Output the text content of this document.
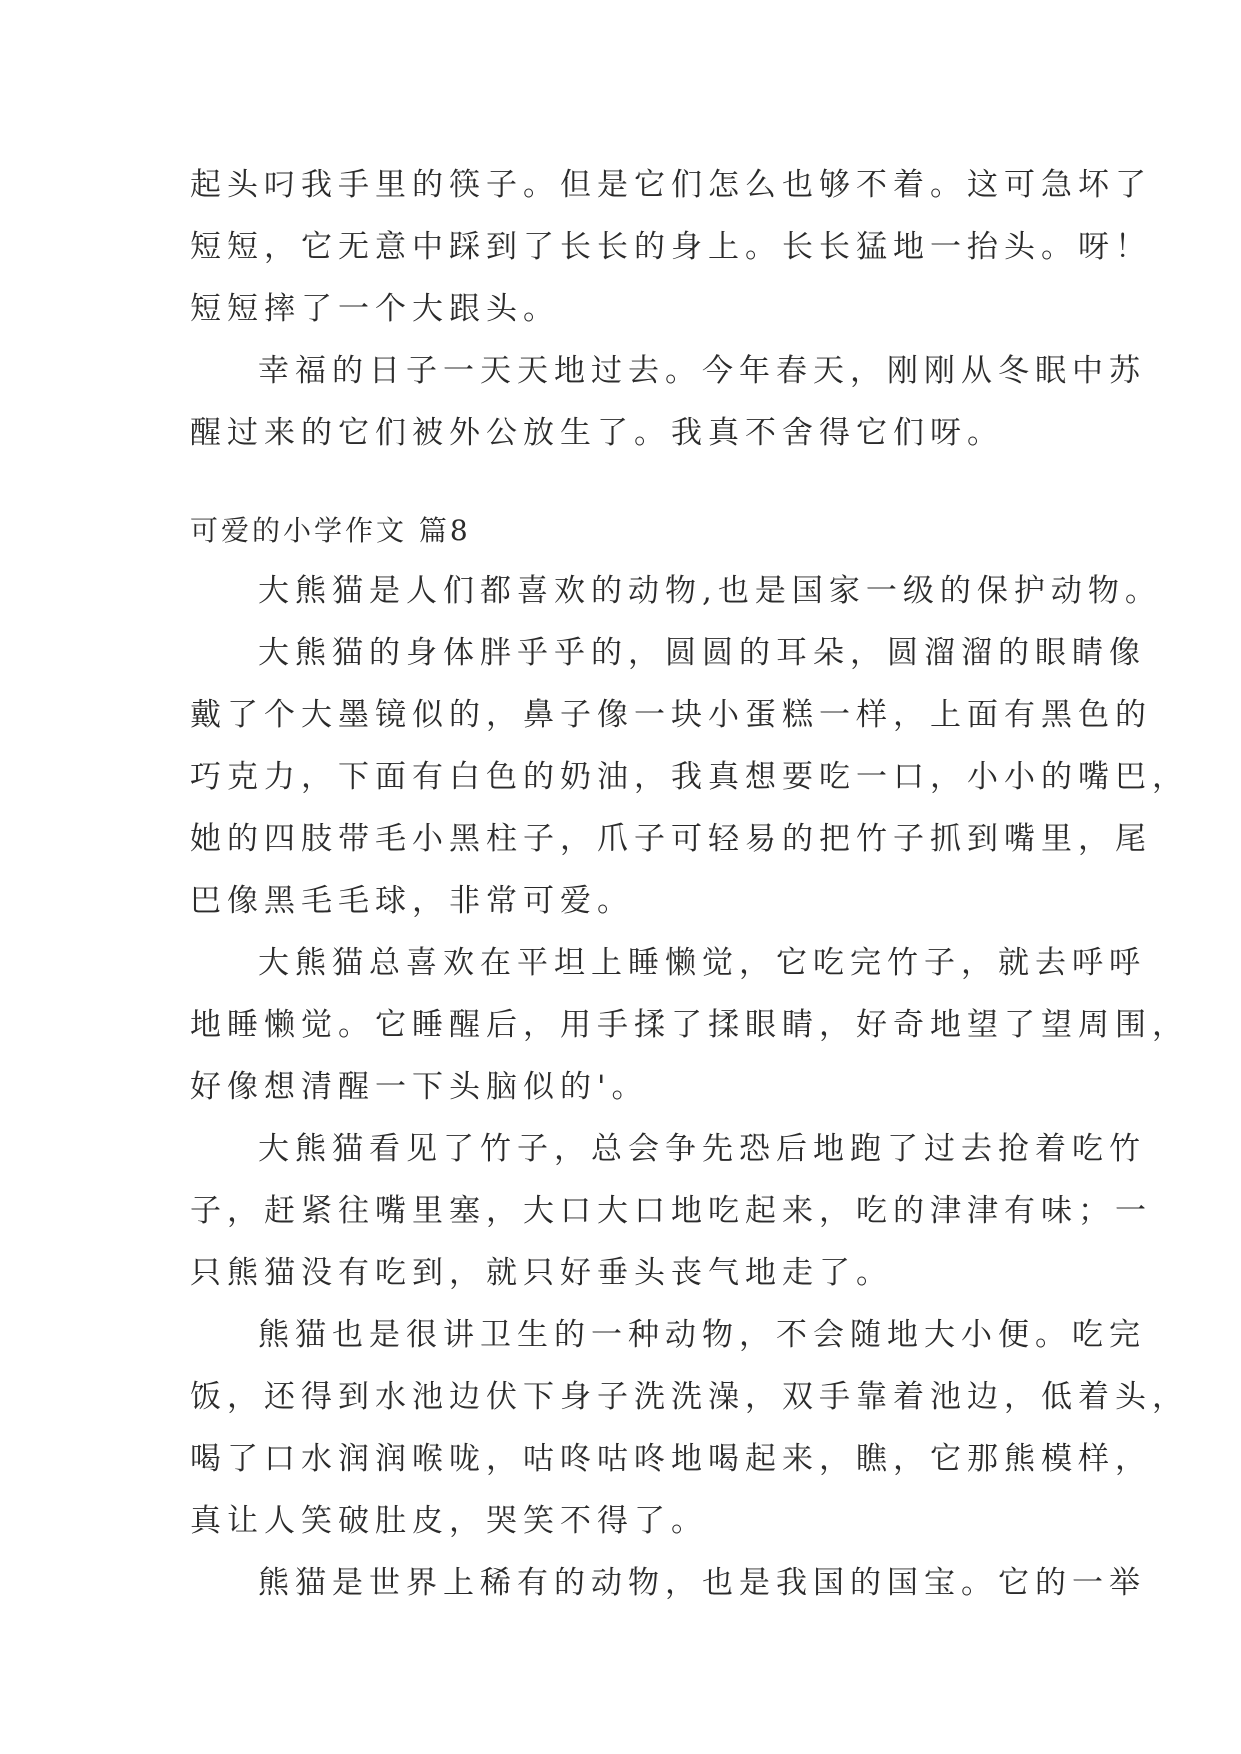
起头叼我手里的筷子。但是它们怎么也够不着。这可急坏了
短短，它无意中踩到了长长的身上。长长猛地一抬头。呀！
短短摔了一个大跟头。
幸福的日子一天天地过去。今年春天，刚刚从冬眠中苏
醒过来的它们被外公放生了。我真不舍得它们呀。
可爱的小学作文 篇8
大熊猫是人们都喜欢的动物,也是国家一级的保护动物。
大熊猫的身体胖乎乎的，圆圆的耳朵，圆溜溜的眼睛像
戴了个大墨镜似的，鼻子像一块小蛋糕一样，上面有黑色的
巧克力，下面有白色的奶油，我真想要吃一口，小小的嘴巴，
她的四肢带毛小黑柱子，爪子可轻易的把竹子抓到嘴里，尾
巴像黑毛毛球，非常可爱。
大熊猫总喜欢在平坦上睡懒觉，它吃完竹子，就去呼呼
地睡懒觉。它睡醒后，用手揉了揉眼睛，好奇地望了望周围，
好像想清醒一下头脑似的'。
大熊猫看见了竹子，总会争先恐后地跑了过去抢着吃竹
子，赶紧往嘴里塞，大口大口地吃起来，吃的津津有味；一
只熊猫没有吃到，就只好垂头丧气地走了。
熊猫也是很讲卫生的一种动物，不会随地大小便。吃完
饭，还得到水池边伏下身子洗洗澡，双手靠着池边，低着头，
喝了口水润润喉咙，咕咚咕咚地喝起来，瞧，它那熊模样，
真让人笑破肚皮，哭笑不得了。
熊猫是世界上稀有的动物，也是我国的国宝。它的一举
